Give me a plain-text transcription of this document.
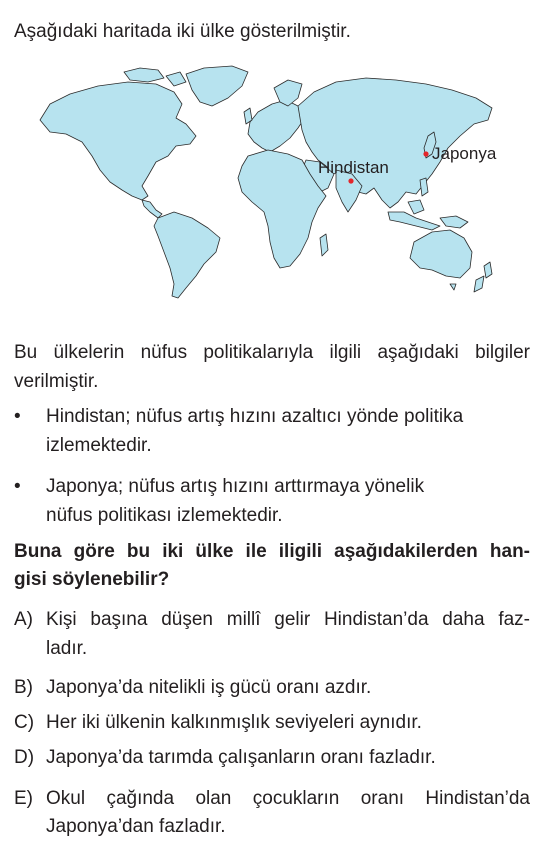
Aşağıdaki haritada iki ülke gösterilmiştir.
Hindistan
Japonya
Bu ülkelerin nüfus politikalarıyla ilgili aşağıdaki bilgiler
verilmiştir.
• Hindistan; nüfus artış hızını azaltıcı yönde politika
izlemektedir.
• Japonya; nüfus artış hızını arttırmaya yönelik
nüfus politikası izlemektedir.
Buna göre bu iki ülke ile iligili aşağıdakilerden han-
gisi söylenebilir?
A) Kişi başına düşen millî gelir Hindistan’da daha faz-
ladır.
B) Japonya’da nitelikli iş gücü oranı azdır.
C) Her iki ülkenin kalkınmışlık seviyeleri aynıdır.
D) Japonya’da tarımda çalışanların oranı fazladır.
E) Okul çağında olan çocukların oranı Hindistan’da
Japonya’dan fazladır.
